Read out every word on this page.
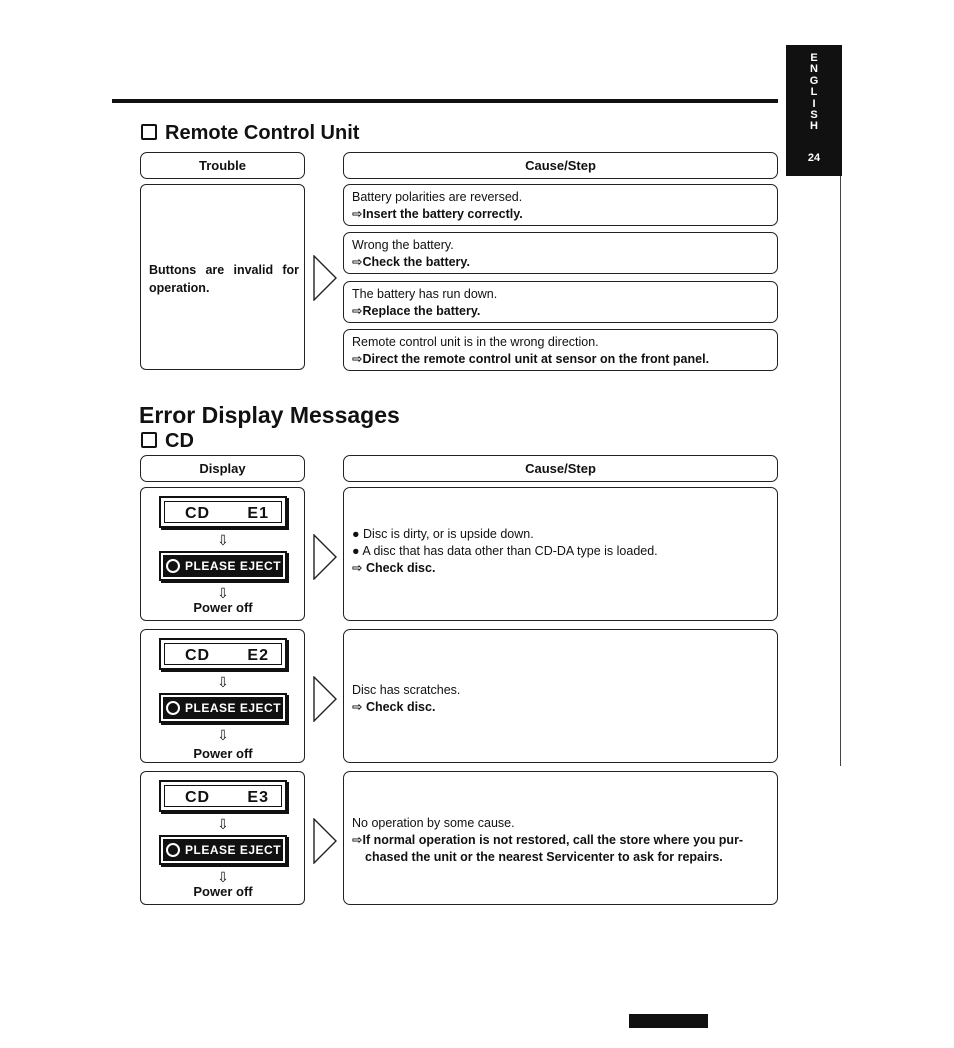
E
N
G
L
I
S
H
24
Remote Control Unit
Trouble	Cause/Step
Buttons are invalid for operation.
Battery polarities are reversed.
⇨Insert the battery correctly.
Wrong the battery.
⇨Check the battery.
The battery has run down.
⇨Replace the battery.
Remote control unit is in the wrong direction.
⇨Direct the remote control unit at sensor on the front panel.
Error Display Messages
CD
Display	Cause/Step
CD E1
⇩
PLEASE EJECT
⇩
Power off
● Disc is dirty, or is upside down.
● A disc that has data other than CD-DA type is loaded.
⇨ Check disc.
CD E2
⇩
PLEASE EJECT
⇩
Power off
Disc has scratches.
⇨ Check disc.
CD E3
⇩
PLEASE EJECT
⇩
Power off
No operation by some cause.
⇨If normal operation is not restored, call the store where you pur-
chased the unit or the nearest Servicenter to ask for repairs.
